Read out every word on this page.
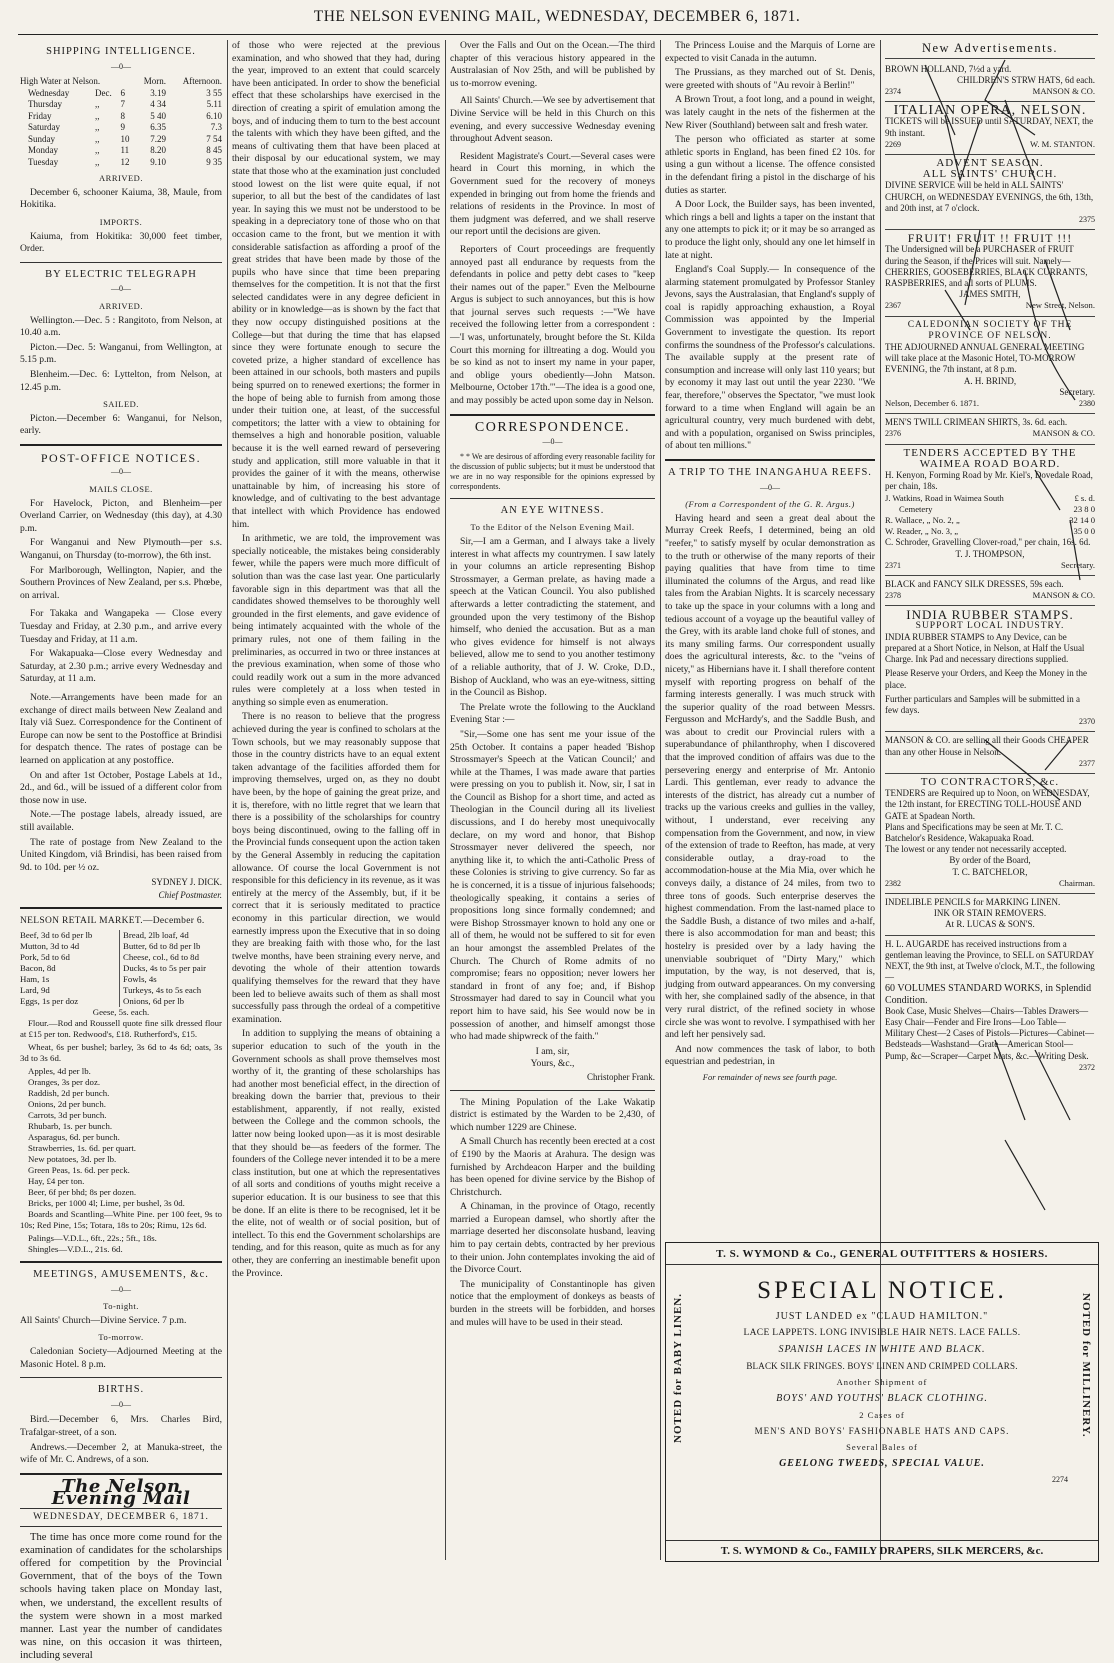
THE NELSON EVENING MAIL, WEDNESDAY, DECEMBER 6, 1871.
SHIPPING INTELLIGENCE.
—0—
High Water at Nelson.			Morn.	Afternoon.
Wednesday	Dec.	6	3.19	3 55
Thursday	,,	7	4 34	5.11
Friday	,,	8	5 40	6.10
Saturday	,,	9	6.35	7.3
Sunday	,,	10	7.29	7 54
Monday	,,	11	8.20	8 45
Tuesday	,,	12	9.10	9 35
ARRIVED.

December 6, schooner Kaiuma, 38, Maule, from Hokitika.

IMPORTS.

Kaiuma, from Hokitika: 30,000 feet timber, Order.

BY ELECTRIC TELEGRAPH
—0—
ARRIVED.

Wellington.—Dec. 5 : Rangitoto, from Nelson, at 10.40 a.m.

Picton.—Dec. 5: Wanganui, from Wellington, at 5.15 p.m.

Blenheim.—Dec. 6: Lyttelton, from Nelson, at 12.45 p.m.

SAILED.

Picton.—December 6: Wanganui, for Nelson, early.

POST-OFFICE NOTICES.
—0—
MAILS CLOSE.

For Havelock, Picton, and Blenheim—per Overland Carrier, on Wednesday (this day), at 4.30 p.m.

For Wanganui and New Plymouth—per s.s. Wanganui, on Thursday (to-morrow), the 6th inst.

For Marlborough, Wellington, Napier, and the Southern Provinces of New Zealand, per s.s. Phœbe, on arrival.

For Takaka and Wangapeka — Close every Tuesday and Friday, at 2.30 p.m., and arrive every Tuesday and Friday, at 11 a.m.

For Wakapuaka—Close every Wednesday and Saturday, at 2.30 p.m.; arrive every Wednesday and Saturday, at 11 a.m.

Note.—Arrangements have been made for an exchange of direct mails between New Zealand and Italy viâ Suez. Correspondence for the Continent of Europe can now be sent to the Postoffice at Brindisi for despatch thence. The rates of postage can be learned on application at any postoffice.

On and after 1st October, Postage Labels at 1d., 2d., and 6d., will be issued of a different color from those now in use.

Note.—The postage labels, already issued, are still available.

The rate of postage from New Zealand to the United Kingdom, viâ Brindisi, has been raised from 9d. to 10d. per ½ oz.

SYDNEY J. DICK.
Chief Postmaster.
NELSON RETAIL MARKET.—December 6.
Beef, 3d to 6d per lb
Mutton, 3d to 4d
Pork, 5d to 6d
Bacon, 8d
Ham, 1s
Lard, 9d
Eggs, 1s per doz
Bread, 2lb loaf, 4d
Butter, 6d to 8d per lb
Cheese, col., 6d to 8d
Ducks, 4s to 5s per pair
Fowls, 4s
Turkeys, 4s to 5s each
Onions, 6d per lb
Geese, 5s. each.

Flour.—Rod and Roussell quote fine silk dressed flour at £15 per ton. Redwood's, £18. Rutherford's, £15.

Wheat, 6s per bushel; barley, 3s 6d to 4s 6d; oats, 3s 3d to 3s 6d.

Apples, 4d per lb.
Oranges, 3s per doz.
Raddish, 2d per bunch.
Onions, 2d per bunch.
Carrots, 3d per bunch.
Rhubarb, 1s. per bunch.
Asparagus, 6d. per bunch.
Strawberries, 1s. 6d. per quart.
New potatoes, 3d. per lb.
Green Peas, 1s. 6d. per peck.
Hay, £4 per ton.
Beer, 6f per bhd; 8s per dozen.
Bricks, per 1000 4l; Lime, per bushel, 3s 0d.

Boards and Scantling—White Pine. per 100 feet, 9s to 10s; Red Pine, 15s; Totara, 18s to 20s; Rimu, 12s 6d.

Palings—V.D.L., 6ft., 22s.; 5ft., 18s.
Shingles—V.D.L., 21s. 6d.
MEETINGS, AMUSEMENTS, &c.
—0—
To-night.

All Saints' Church—Divine Service. 7 p.m.

To-morrow.

Caledonian Society—Adjourned Meeting at the Masonic Hotel. 8 p.m.

BIRTHS.
—0—

Bird.—December 6, Mrs. Charles Bird, Trafalgar-street, of a son.

Andrews.—December 2, at Manuka-street, the wife of Mr. C. Andrews, of a son.

The Nelson Evening Mail
WEDNESDAY, DECEMBER 6, 1871.

The time has once more come round for the examination of candidates for the scholarships offered for competition by the Provincial Government, that of the boys of the Town schools having taken place on Monday last, when, we understand, the excellent results of the system were shown in a most marked manner. Last year the number of candidates was nine, on this occasion it was thirteen, including several

of those who were rejected at the previous examination, and who showed that they had, during the year, improved to an extent that could scarcely have been anticipated. In order to show the beneficial effect that these scholarships have exercised in the direction of creating a spirit of emulation among the boys, and of inducing them to turn to the best account the talents with which they have been gifted, and the means of cultivating them that have been placed at their disposal by our educational system, we may state that those who at the examination just concluded stood lowest on the list were quite equal, if not superior, to all but the best of the candidates of last year. In saying this we must not be understood to be speaking in a depreciatory tone of those who on that occasion came to the front, but we mention it with considerable satisfaction as affording a proof of the great strides that have been made by those of the pupils who have since that time been preparing themselves for the competition. It is not that the first selected candidates were in any degree deficient in ability or in knowledge—as is shown by the fact that they now occupy distinguished positions at the College—but that during the time that has elapsed since they were fortunate enough to secure the coveted prize, a higher standard of excellence has been attained in our schools, both masters and pupils being spurred on to renewed exertions; the former in the hope of being able to furnish from among those under their tuition one, at least, of the successful competitors; the latter with a view to obtaining for themselves a high and honorable position, valuable because it is the well earned reward of persevering study and application, still more valuable in that it provides the gainer of it with the means, otherwise unattainable by him, of increasing his store of knowledge, and of cultivating to the best advantage that intellect with which Providence has endowed him.

In arithmetic, we are told, the improvement was specially noticeable, the mistakes being considerably fewer, while the papers were much more difficult of solution than was the case last year. One particularly favorable sign in this department was that all the candidates showed themselves to be thoroughly well grounded in the first elements, and gave evidence of being intimately acquainted with the whole of the primary rules, not one of them failing in the preliminaries, as occurred in two or three instances at the previous examination, when some of those who could readily work out a sum in the more advanced rules were completely at a loss when tested in anything so simple even as enumeration.

There is no reason to believe that the progress achieved during the year is confined to scholars at the Town schools, but we may reasonably suppose that those in the country districts have to an equal extent taken advantage of the facilities afforded them for improving themselves, urged on, as they no doubt have been, by the hope of gaining the great prize, and it is, therefore, with no little regret that we learn that there is a possibility of the scholarships for country boys being discontinued, owing to the falling off in the Provincial funds consequent upon the action taken by the General Assembly in reducing the capitation allowance. Of course the local Government is not responsible for this deficiency in its revenue, as it was entirely at the mercy of the Assembly, but, if it be correct that it is seriously meditated to practice economy in this particular direction, we would earnestly impress upon the Executive that in so doing they are breaking faith with those who, for the last twelve months, have been straining every nerve, and devoting the whole of their attention towards qualifying themselves for the reward that they have been led to believe awaits such of them as shall most successfully pass through the ordeal of a competitive examination.

In addition to supplying the means of obtaining a superior education to such of the youth in the Government schools as shall prove themselves most worthy of it, the granting of these scholarships has had another most beneficial effect, in the direction of breaking down the barrier that, previous to their establishment, apparently, if not really, existed between the College and the common schools, the latter now being looked upon—as it is most desirable that they should be—as feeders of the former. The founders of the College never intended it to be a mere class institution, but one at which the representatives of all sorts and conditions of youths might receive a superior education. It is our business to see that this be done. If an elite is there to be recognised, let it be the elite, not of wealth or of social position, but of intellect. To this end the Government scholarships are tending, and for this reason, quite as much as for any other, they are conferring an inestimable benefit upon the Province.

Over the Falls and Out on the Ocean.—The third chapter of this veracious history appeared in the Australasian of Nov 25th, and will be published by us to-morrow evening.

All Saints' Church.—We see by advertisement that Divine Service will be held in this Church on this evening, and every successive Wednesday evening throughout Advent season.

Resident Magistrate's Court.—Several cases were heard in Court this morning, in which the Government sued for the recovery of moneys expended in bringing out from home the friends and relations of residents in the Province. In most of them judgment was deferred, and we shall reserve our report until the decisions are given.

Reporters of Court proceedings are frequently annoyed past all endurance by requests from the defendants in police and petty debt cases to "keep their names out of the paper." Even the Melbourne Argus is subject to such annoyances, but this is how that journal serves such requests :—"We have received the following letter from a correspondent :—'I was, unfortunately, brought before the St. Kilda Court this morning for illtreating a dog. Would you be so kind as not to insert my name in your paper, and oblige yours obediently—John Matson. Melbourne, October 17th.'"—The idea is a good one, and may possibly be acted upon some day in Nelson.

CORRESPONDENCE.
—0—

* * We are desirous of affording every reasonable facility for the discussion of public subjects; but it must be understood that we are in no way responsible for the opinions expressed by correspondents.

AN EYE WITNESS.
To the Editor of the Nelson Evening Mail.

Sir,—I am a German, and I always take a lively interest in what affects my countrymen. I saw lately in your columns an article representing Bishop Strossmayer, a German prelate, as having made a speech at the Vatican Council. You also published afterwards a letter contradicting the statement, and grounded upon the very testimony of the Bishop himself, who denied the accusation. But as a man who gives evidence for himself is not always believed, allow me to send to you another testimony of a reliable authority, that of J. W. Croke, D.D., Bishop of Auckland, who was an eye-witness, sitting in the Council as Bishop.

The Prelate wrote the following to the Auckland Evening Star :—

"Sir,—Some one has sent me your issue of the 25th October. It contains a paper headed 'Bishop Strossmayer's Speech at the Vatican Council;' and while at the Thames, I was made aware that parties were pressing on you to publish it. Now, sir, I sat in the Council as Bishop for a short time, and acted as Theologian in the Council during all its liveliest discussions, and I do hereby most unequivocally declare, on my word and honor, that Bishop Strossmayer never delivered the speech, nor anything like it, to which the anti-Catholic Press of these Colonies is striving to give currency. So far as he is concerned, it is a tissue of injurious falsehoods; theologically speaking, it contains a series of propositions long since formally condemned; and were Bishop Strossmayer known to hold any one or all of them, he would not be suffered to sit for even an hour amongst the assembled Prelates of the Church. The Church of Rome admits of no compromise; fears no opposition; never lowers her standard in front of any foe; and, if Bishop Strossmayer had dared to say in Council what you report him to have said, his See would now be in possession of another, and himself amongst those who had made shipwreck of the faith."

I am, sir,
Yours, &c.,
Christopher Frank.

The Mining Population of the Lake Wakatip district is estimated by the Warden to be 2,430, of which number 1229 are Chinese.

A Small Church has recently been erected at a cost of £190 by the Maoris at Arahura. The design was furnished by Archdeacon Harper and the building has been opened for divine service by the Bishop of Christchurch.

A Chinaman, in the province of Otago, recently married a European damsel, who shortly after the marriage deserted her disconsolate husband, leaving him to pay certain debts, contracted by her previous to their union. John contemplates invoking the aid of the Divorce Court.

The municipality of Constantinople has given notice that the employment of donkeys as beasts of burden in the streets will be forbidden, and horses and mules will have to be used in their stead.

The Princess Louise and the Marquis of Lorne are expected to visit Canada in the autumn.

The Prussians, as they marched out of St. Denis, were greeted with shouts of "Au revoir à Berlin!"

A Brown Trout, a foot long, and a pound in weight, was lately caught in the nets of the fishermen at the New River (Southland) between salt and fresh water.

The person who officiated as starter at some athletic sports in England, has been fined £2 10s. for using a gun without a license. The offence consisted in the defendant firing a pistol in the discharge of his duties as starter.

A Door Lock, the Builder says, has been invented, which rings a bell and lights a taper on the instant that any one attempts to pick it; or it may be so arranged as to produce the light only, should any one let himself in late at night.

England's Coal Supply.— In consequence of the alarming statement promulgated by Professor Stanley Jevons, says the Australasian, that England's supply of coal is rapidly approaching exhaustion, a Royal Commission was appointed by the Imperial Government to investigate the question. Its report confirms the soundness of the Professor's calculations. The available supply at the present rate of consumption and increase will only last 110 years; but by economy it may last out until the year 2230. "We fear, therefore," observes the Spectator, "we must look forward to a time when England will again be an agricultural country, very much burdened with debt, and with a population, organised on Swiss principles, of about ten millions."

A TRIP TO THE INANGAHUA REEFS.
—0—
(From a Correspondent of the G. R. Argus.)

Having heard and seen a great deal about the Murray Creek Reefs, I determined, being an old "reefer," to satisfy myself by ocular demonstration as to the truth or otherwise of the many reports of their paying qualities that have from time to time illuminated the columns of the Argus, and read like tales from the Arabian Nights. It is scarcely necessary to take up the space in your columns with a long and tedious account of a voyage up the beautiful valley of the Grey, with its arable land choke full of stones, and its many smiling farms. Our correspondent usually does the agricultural interests, &c. to the "veins of nicety," as Hibernians have it. I shall therefore content myself with reporting progress on behalf of the farming interests generally. I was much struck with the superior quality of the road between Messrs. Fergusson and McHardy's, and the Saddle Bush, and was about to credit our Provincial rulers with a superabundance of philanthrophy, when I discovered that the improved condition of affairs was due to the persevering energy and enterprise of Mr. Antonio Lardi. This gentleman, ever ready to advance the interests of the district, has already cut a number of tracks up the various creeks and gullies in the valley, without, I understand, ever receiving any compensation from the Government, and now, in view of the extension of trade to Reefton, has made, at very considerable outlay, a dray-road to the accommodation-house at the Mia Mia, over which he conveys daily, a distance of 24 miles, from two to three tons of goods. Such enterprise deserves the highest commendation. From the last-named place to the Saddle Bush, a distance of two miles and a-half, there is also accommodation for man and beast; this hostelry is presided over by a lady having the unenviable soubriquet of "Dirty Mary," which imputation, by the way, is not deserved, that is, judging from outward appearances. On my conversing with her, she complained sadly of the absence, in that very rural district, of the refined society in whose circle she was wont to revolve. I sympathised with her and left her pensively sad.

And now commences the task of labor, to both equestrian and pedestrian, in

For remainder of news see fourth page.
New Advertisements.
BROWN HOLLAND, 7½d a yard.
CHILDREN'S STRW HATS, 6d each.
2374	MANSON & CO.
ITALIAN OPERA, NELSON.
TICKETS will be ISSUED until SATURDAY, NEXT, the 9th instant.
2269	W. M. STANTON.
ADVENT SEASON.
ALL SAINTS' CHURCH.
DIVINE SERVICE will be held in ALL SAINTS' CHURCH, on WEDNESDAY EVENINGS, the 6th, 13th, and 20th inst, at 7 o'clock.
2375
FRUIT! FRUIT !! FRUIT !!!
The Undersigned will be a PURCHASER of FRUIT during the Season, if the Prices will suit. Namely—CHERRIES, GOOSEBERRIES, BLACK CURRANTS, RASPBERRIES, and all sorts of PLUMS.
JAMES SMITH,
2367	New Street, Nelson.
CALEDONIAN SOCIETY OF THE PROVINCE OF NELSON.
THE ADJOURNED ANNUAL GENERAL MEETING will take place at the Masonic Hotel, TO-MORROW EVENING, the 7th instant, at 8 p.m.
A. H. BRIND,
Secretary.
Nelson, December 6. 1871.	2380
MEN'S TWILL CRIMEAN SHIRTS, 3s. 6d. each.
2376	MANSON & CO.
TENDERS ACCEPTED BY THE WAIMEA ROAD BOARD.
H. Kenyon, Forming Road by Mr. Kiel's, Dovedale Road, per chain, 18s.
J. Watkins, Road in Waimea South	£ s. d.
Cemetery	23 8 0
R. Wallace, „ No. 2, „	32 14 0
W. Reader, „ No. 3, „	35 0 0
C. Schroder, Gravelling Clover-road," per chain, 16s. 6d.
T. J. THOMPSON,
2371	Secretary.
BLACK and FANCY SILK DRESSES, 59s each.
2378	MANSON & CO.
INDIA RUBBER STAMPS.
SUPPORT LOCAL INDUSTRY.
INDIA RUBBER STAMPS to Any Device, can be prepared at a Short Notice, in Nelson, at Half the Usual Charge. Ink Pad and necessary directions supplied.
Please Reserve your Orders, and Keep the Money in the place.
Further particulars and Samples will be submitted in a few days.
2370
MANSON & CO. are selling all their Goods CHEAPER than any other House in Nelson.
2377
TO CONTRACTORS, &c.
TENDERS are Required up to Noon, on WEDNESDAY, the 12th instant, for ERECTING TOLL-HOUSE AND GATE at Spadean North.
Plans and Specifications may be seen at Mr. T. C. Batchelor's Residence, Wakapuaka Road.
The lowest or any tender not necessarily accepted.
By order of the Board,
T. C. BATCHELOR,
2382	Chairman.
INDELIBLE PENCILS for MARKING LINEN.
INK OR STAIN REMOVERS.
At R. LUCAS & SON'S.
H. L. AUGARDE has received instructions from a gentleman leaving the Province, to SELL on SATURDAY NEXT, the 9th inst, at Twelve o'clock, M.T., the following—
60 VOLUMES STANDARD WORKS, in Splendid Condition.
Book Case, Music Shelves—Chairs—Tables Drawers—Easy Chair—Fender and Fire Irons—Loo Table—Military Chest—2 Cases of Pistols—Pictures—Cabinet—Bedsteads—Washstand—Grate—American Stool—Pump, &c—Scraper—Carpet Mats, &c.—Writing Desk.
2372
T. S. WYMOND & Co., GENERAL OUTFITTERS & HOSIERS.
NOTED for BABY LINEN.	NOTED for MILLINERY.
SPECIAL NOTICE.
JUST LANDED ex "CLAUD HAMILTON."
LACE LAPPETS. LONG INVISIBLE HAIR NETS. LACE FALLS.
SPANISH LACES IN WHITE AND BLACK.
BLACK SILK FRINGES. BOYS' LINEN AND CRIMPED COLLARS.
Another Shipment of
BOYS' AND YOUTHS' BLACK CLOTHING.
2 Cases of
MEN'S AND BOYS' FASHIONABLE HATS AND CAPS.
Several Bales of
GEELONG TWEEDS, SPECIAL VALUE.
2274
T. S. WYMOND & Co., FAMILY DRAPERS, SILK MERCERS, &c.
